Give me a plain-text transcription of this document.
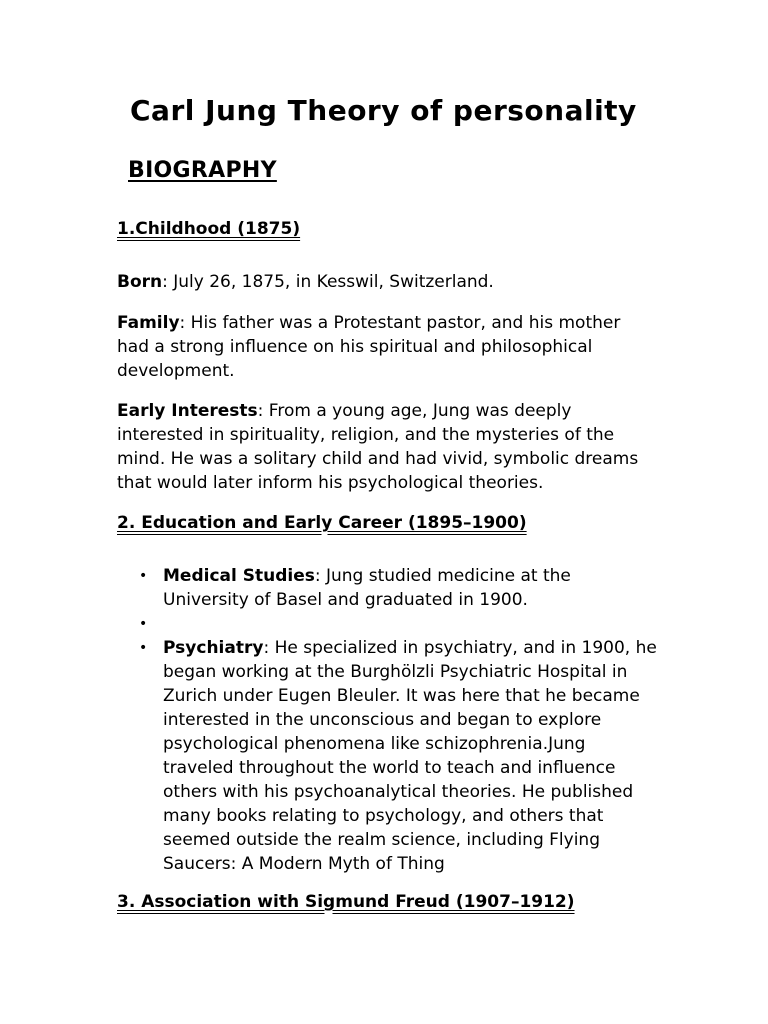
Carl Jung Theory of personality
BIOGRAPHY
1.Childhood (1875)
Born: July 26, 1875, in Kesswil, Switzerland.
Family: His father was a Protestant pastor, and his mother had a strong influence on his spiritual and philosophical development.
Early Interests: From a young age, Jung was deeply interested in spirituality, religion, and the mysteries of the mind. He was a solitary child and had vivid, symbolic dreams that would later inform his psychological theories.
2. Education and Early Career (1895–1900)
• Medical Studies: Jung studied medicine at the University of Basel and graduated in 1900.
•
• Psychiatry: He specialized in psychiatry, and in 1900, he began working at the Burghölzli Psychiatric Hospital in Zurich under Eugen Bleuler. It was here that he became interested in the unconscious and began to explore psychological phenomena like schizophrenia.Jung traveled throughout the world to teach and influence others with his psychoanalytical theories. He published many books relating to psychology, and others that seemed outside the realm science, including Flying Saucers: A Modern Myth of Thing
3. Association with Sigmund Freud (1907–1912)
